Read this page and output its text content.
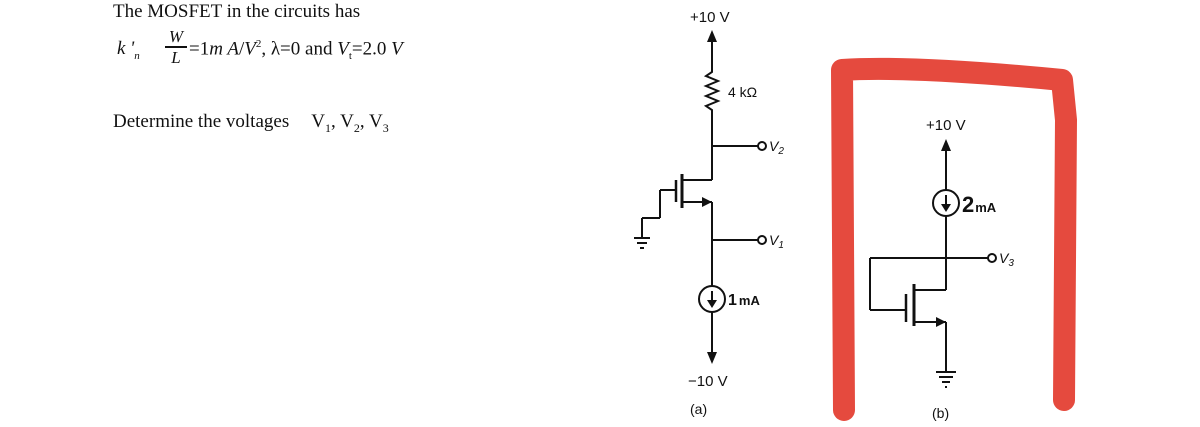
The MOSFET in the circuits has
k '$_n$
W
L =1m $A/V^2$, λ=0 and $V_t=2.0$ V
Determine the voltages $V_1$, $V_2$, $V_3$
+10 V
4 kΩ
$V_2$
$V_1$
1 mA
−10 V
(a)
+10 V
2mA
$V_3$
(b)
